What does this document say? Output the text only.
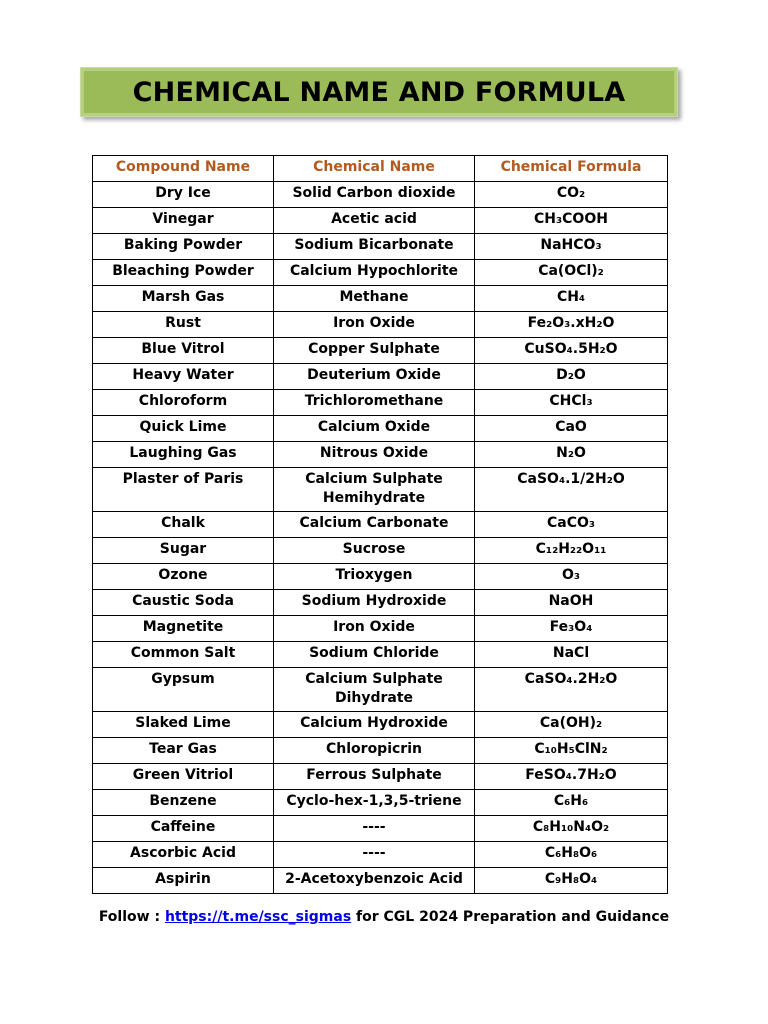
CHEMICAL NAME AND FORMULA
Compound Name	Chemical Name	Chemical Formula
Dry Ice	Solid Carbon dioxide	CO₂
Vinegar	Acetic acid	CH₃COOH
Baking Powder	Sodium Bicarbonate	NaHCO₃
Bleaching Powder	Calcium Hypochlorite	Ca(OCl)₂
Marsh Gas	Methane	CH₄
Rust	Iron Oxide	Fe₂O₃.xH₂O
Blue Vitrol	Copper Sulphate	CuSO₄.5H₂O
Heavy Water	Deuterium Oxide	D₂O
Chloroform	Trichloromethane	CHCl₃
Quick Lime	Calcium Oxide	CaO
Laughing Gas	Nitrous Oxide	N₂O
Plaster of Paris	Calcium Sulphate Hemihydrate	CaSO₄.1/2H₂O
Chalk	Calcium Carbonate	CaCO₃
Sugar	Sucrose	C₁₂H₂₂O₁₁
Ozone	Trioxygen	O₃
Caustic Soda	Sodium Hydroxide	NaOH
Magnetite	Iron Oxide	Fe₃O₄
Common Salt	Sodium Chloride	NaCl
Gypsum	Calcium Sulphate Dihydrate	CaSO₄.2H₂O
Slaked Lime	Calcium Hydroxide	Ca(OH)₂
Tear Gas	Chloropicrin	C₁₀H₅ClN₂
Green Vitriol	Ferrous Sulphate	FeSO₄.7H₂O
Benzene	Cyclo-hex-1,3,5-triene	C₆H₆
Caffeine	----	C₈H₁₀N₄O₂
Ascorbic Acid	----	C₆H₈O₆
Aspirin	2-Acetoxybenzoic Acid	C₉H₈O₄
Follow : https://t.me/ssc_sigmas for CGL 2024 Preparation and Guidance
